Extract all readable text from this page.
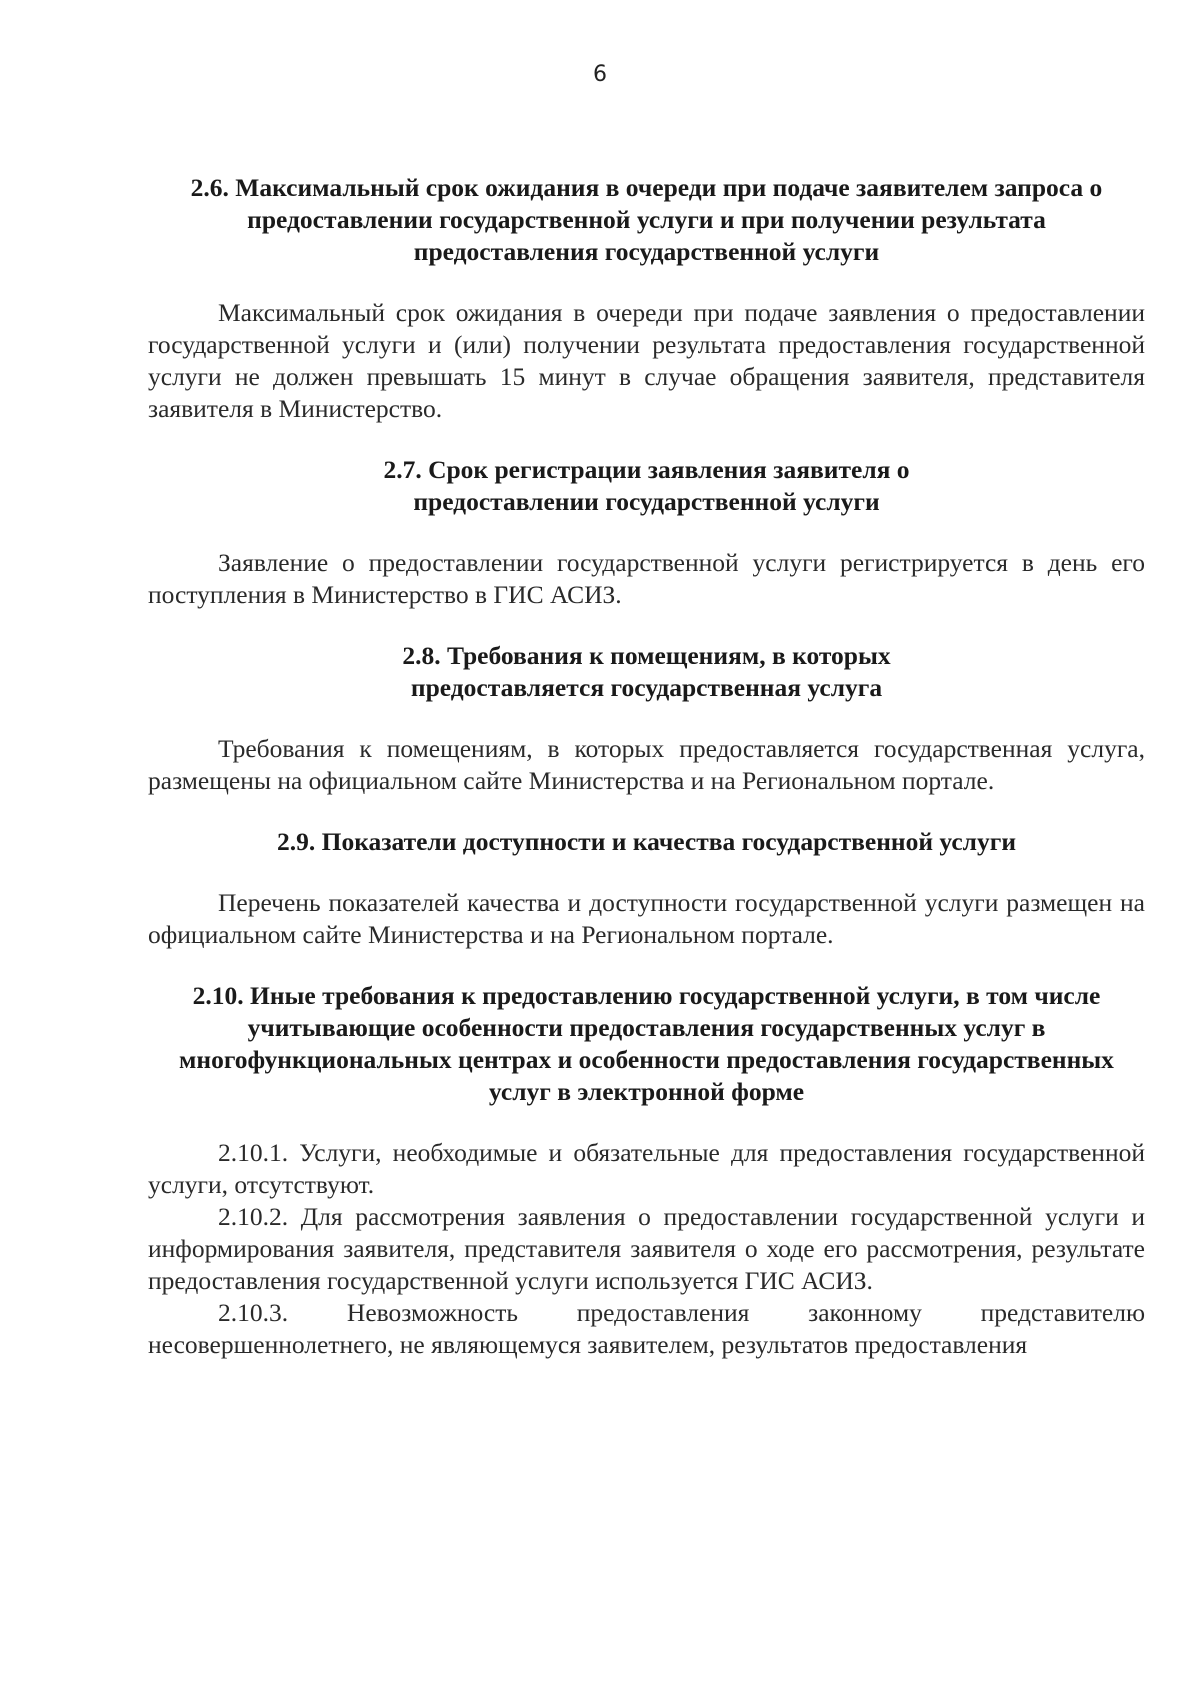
6

2.6. Максимальный срок ожидания в очереди при подаче заявителем запроса о предоставлении государственной услуги и при получении результата предоставления государственной услуги

Максимальный срок ожидания в очереди при подаче заявления о предоставлении государственной услуги и (или) получении результата предоставления государственной услуги не должен превышать 15 минут в случае обращения заявителя, представителя заявителя в Министерство.

2.7. Срок регистрации заявления заявителя о предоставлении государственной услуги

Заявление о предоставлении государственной услуги регистрируется в день его поступления в Министерство в ГИС АСИЗ.

2.8. Требования к помещениям, в которых предоставляется государственная услуга

Требования к помещениям, в которых предоставляется государственная услуга, размещены на официальном сайте Министерства и на Региональном портале.

2.9. Показатели доступности и качества государственной услуги

Перечень показателей качества и доступности государственной услуги размещен на официальном сайте Министерства и на Региональном портале.

2.10. Иные требования к предоставлению государственной услуги, в том числе учитывающие особенности предоставления государственных услуг в многофункциональных центрах и особенности предоставления государственных услуг в электронной форме

2.10.1. Услуги, необходимые и обязательные для предоставления государственной услуги, отсутствуют.

2.10.2. Для рассмотрения заявления о предоставлении государственной услуги и информирования заявителя, представителя заявителя о ходе его рассмотрения, результате предоставления государственной услуги используется ГИС АСИЗ.

2.10.3. Невозможность предоставления законному представителю несовершеннолетнего, не являющемуся заявителем, результатов предоставления
